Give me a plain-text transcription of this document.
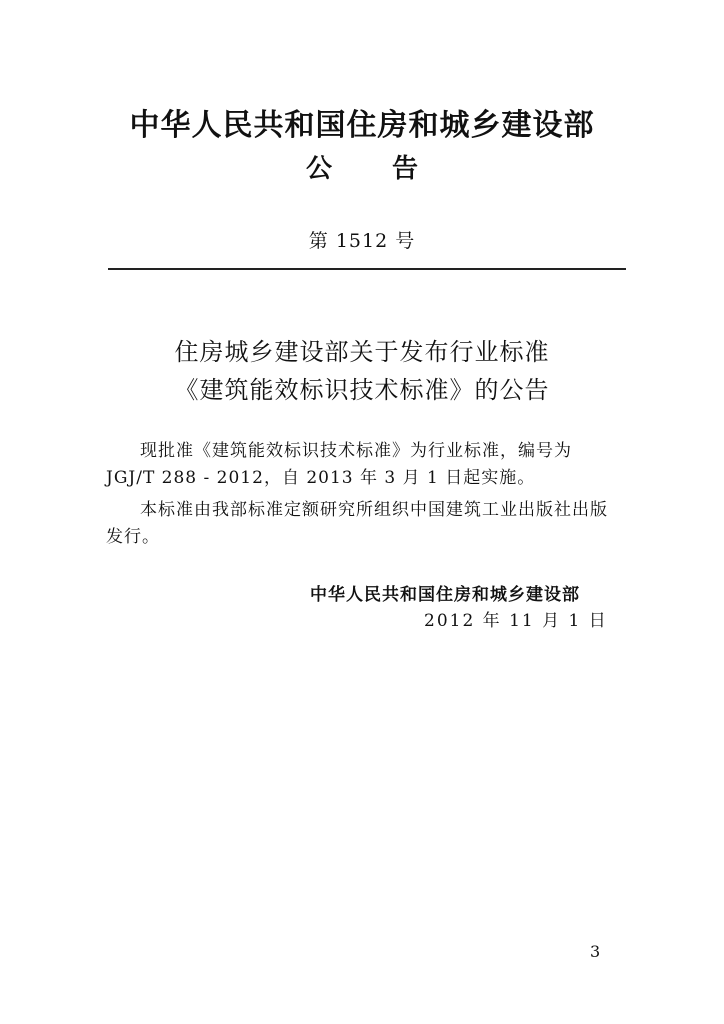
中华人民共和国住房和城乡建设部
公告
第 1512 号
住房城乡建设部关于发布行业标准
《建筑能效标识技术标准》的公告
现批准《建筑能效标识技术标准》为行业标准，编号为
JGJ/T 288 - 2012，自 2013 年 3 月 1 日起实施。
本标准由我部标准定额研究所组织中国建筑工业出版社出版
发行。
中华人民共和国住房和城乡建设部
2012 年 11 月 1 日
3
